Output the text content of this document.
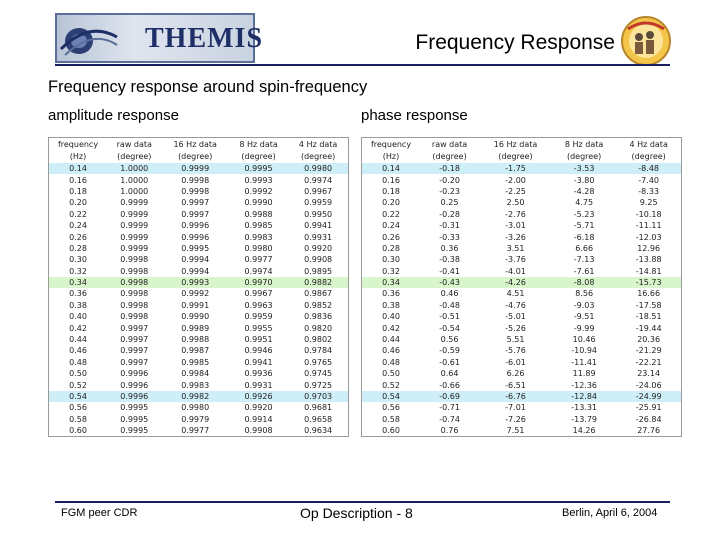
THEMIS	Frequency Response
Frequency response around spin-frequency
amplitude response	phase response
frequency	raw data	16 Hz data	8 Hz data	4 Hz data
(Hz)	(degree)	(degree)	(degree)	(degree)
0.14	1.0000	0.9999	0.9995	0.9980
0.16	1.0000	0.9998	0.9993	0.9974
0.18	1.0000	0.9998	0.9992	0.9967
0.20	0.9999	0.9997	0.9990	0.9959
0.22	0.9999	0.9997	0.9988	0.9950
0.24	0.9999	0.9996	0.9985	0.9941
0.26	0.9999	0.9996	0.9983	0.9931
0.28	0.9999	0.9995	0.9980	0.9920
0.30	0.9998	0.9994	0.9977	0.9908
0.32	0.9998	0.9994	0.9974	0.9895
0.34	0.9998	0.9993	0.9970	0.9882
0.36	0.9998	0.9992	0.9967	0.9867
0.38	0.9998	0.9991	0.9963	0.9852
0.40	0.9998	0.9990	0.9959	0.9836
0.42	0.9997	0.9989	0.9955	0.9820
0.44	0.9997	0.9988	0.9951	0.9802
0.46	0.9997	0.9987	0.9946	0.9784
0.48	0.9997	0.9985	0.9941	0.9765
0.50	0.9996	0.9984	0.9936	0.9745
0.52	0.9996	0.9983	0.9931	0.9725
0.54	0.9996	0.9982	0.9926	0.9703
0.56	0.9995	0.9980	0.9920	0.9681
0.58	0.9995	0.9979	0.9914	0.9658
0.60	0.9995	0.9977	0.9908	0.9634
frequency	raw data	16 Hz data	8 Hz data	4 Hz data
(Hz)	(degree)	(degree)	(degree)	(degree)
0.14	-0.18	-1.75	-3.53	-8.48
0.16	-0.20	-2.00	-3.80	-7.40
0.18	-0.23	-2.25	-4.28	-8.33
0.20	0.25	2.50	4.75	9.25
0.22	-0.28	-2.76	-5.23	-10.18
0.24	-0.31	-3.01	-5.71	-11.11
0.26	-0.33	-3.26	-6.18	-12.03
0.28	0.36	3.51	6.66	12.96
0.30	-0.38	-3.76	-7.13	-13.88
0.32	-0.41	-4.01	-7.61	-14.81
0.34	-0.43	-4.26	-8.08	-15.73
0.36	0.46	4.51	8.56	16.66
0.38	-0.48	-4.76	-9.03	-17.58
0.40	-0.51	-5.01	-9.51	-18.51
0.42	-0.54	-5.26	-9.99	-19.44
0.44	0.56	5.51	10.46	20.36
0.46	-0.59	-5.76	-10.94	-21.29
0.48	-0.61	-6.01	-11.41	-22.21
0.50	0.64	6.26	11.89	23.14
0.52	-0.66	-6.51	-12.36	-24.06
0.54	-0.69	-6.76	-12.84	-24.99
0.56	-0.71	-7.01	-13.31	-25.91
0.58	-0.74	-7.26	-13.79	-26.84
0.60	0.76	7.51	14.26	27.76
FGM peer CDR	Op Description - 8	Berlin, April 6, 2004
